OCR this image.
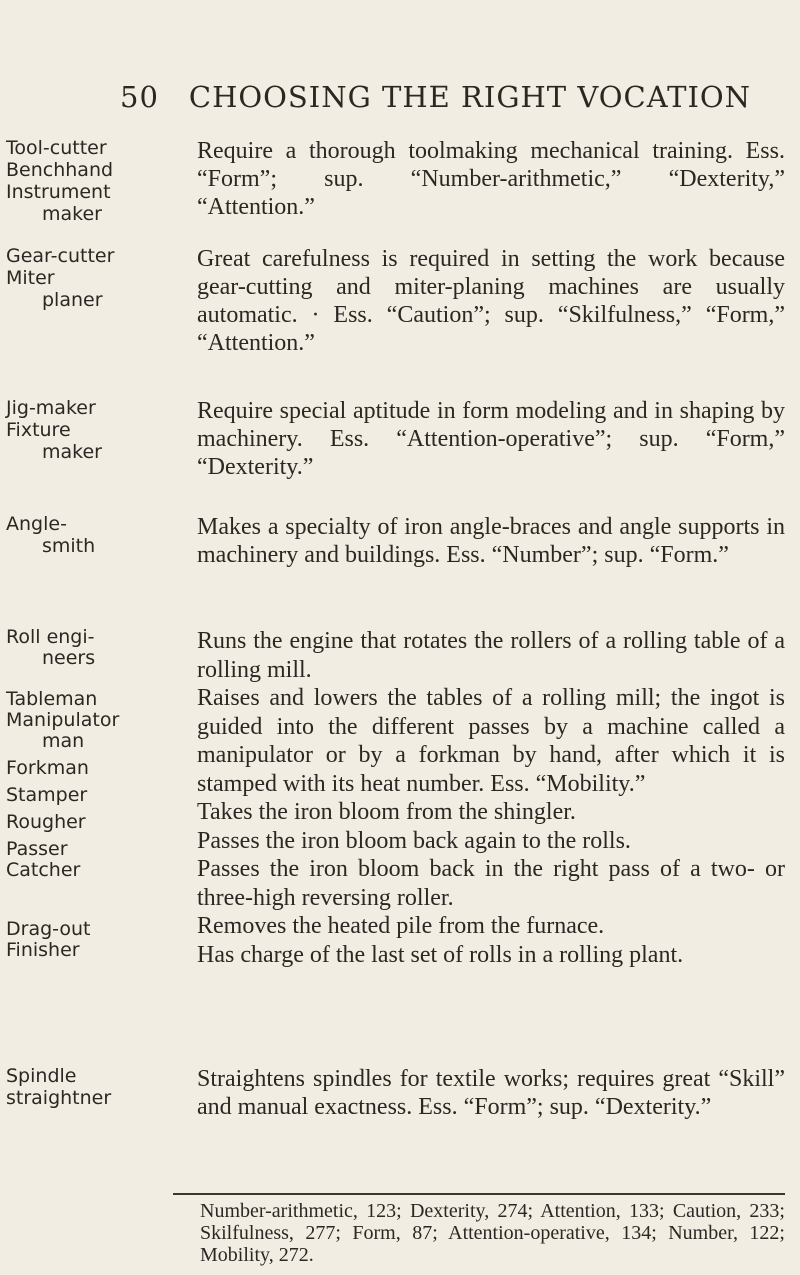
50 CHOOSING THE RIGHT VOCATION
Tool-cutter
Benchhand
Instrument
maker

Require a thorough toolmaking mechanical training. Ess. “Form”; sup. “Number-arithmetic,” “Dexterity,” “Attention.”

Gear-cutter
Miter
planer

Great carefulness is required in setting the work because gear-cutting and miter-planing machines are usually automatic. · Ess. “Caution”; sup. “Skilfulness,” “Form,” “Attention.”

Jig-maker
Fixture
maker

Require special aptitude in form modeling and in shaping by machinery. Ess. “Attention-operative”; sup. “Form,” “Dexterity.”

Angle-
smith

Makes a specialty of iron angle-braces and angle supports in machinery and buildings. Ess. “Number”; sup. “Form.”

Roll engi-
neers
Tableman
Manipulator
man
Forkman
Stamper
Rougher
Passer
Catcher
Drag-out
Finisher

Runs the engine that rotates the rollers of a rolling table of a rolling mill.

Raises and lowers the tables of a rolling mill; the ingot is guided into the different passes by a machine called a manipulator or by a forkman by hand, after which it is stamped with its heat number. Ess. “Mobility.”

Takes the iron bloom from the shingler.

Passes the iron bloom back again to the rolls.

Passes the iron bloom back in the right pass of a two- or three-high reversing roller.

Removes the heated pile from the furnace.

Has charge of the last set of rolls in a rolling plant.

Spindle
straightner

Straightens spindles for textile works; requires great “Skill” and manual exactness. Ess. “Form”; sup. “Dexterity.”

Number-arithmetic, 123; Dexterity, 274; Attention, 133; Caution, 233; Skilfulness, 277; Form, 87; Attention-operative, 134; Number, 122; Mobility, 272.
